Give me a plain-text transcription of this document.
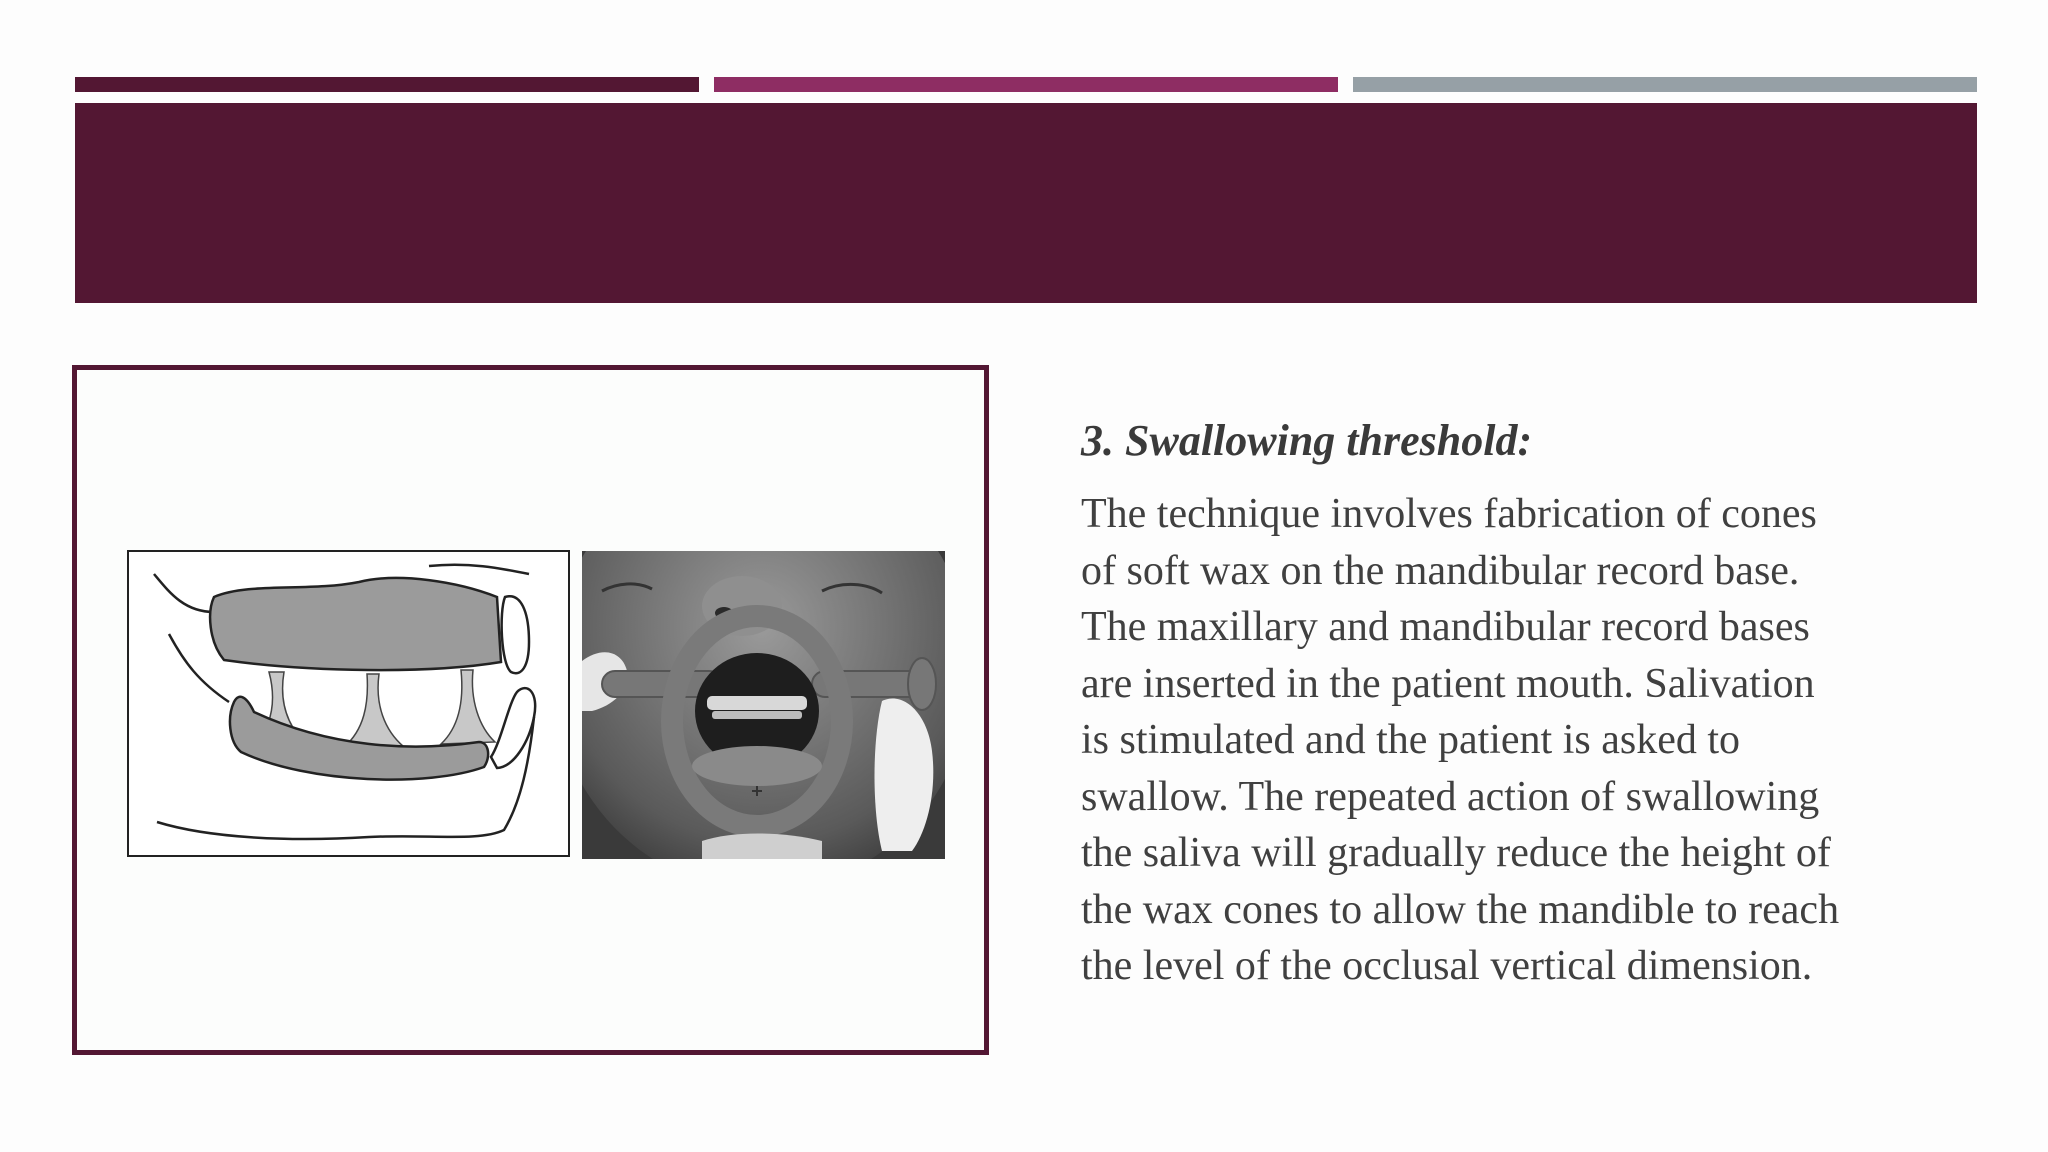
3. Swallowing threshold:

The technique involves fabrication of cones
of soft wax on the mandibular record base.
The maxillary and mandibular record bases
are inserted in the patient mouth. Salivation
is stimulated and the patient is asked to
swallow. The repeated action of swallowing
the saliva will gradually reduce the height of
the wax cones to allow the mandible to reach
the level of the occlusal vertical dimension.
